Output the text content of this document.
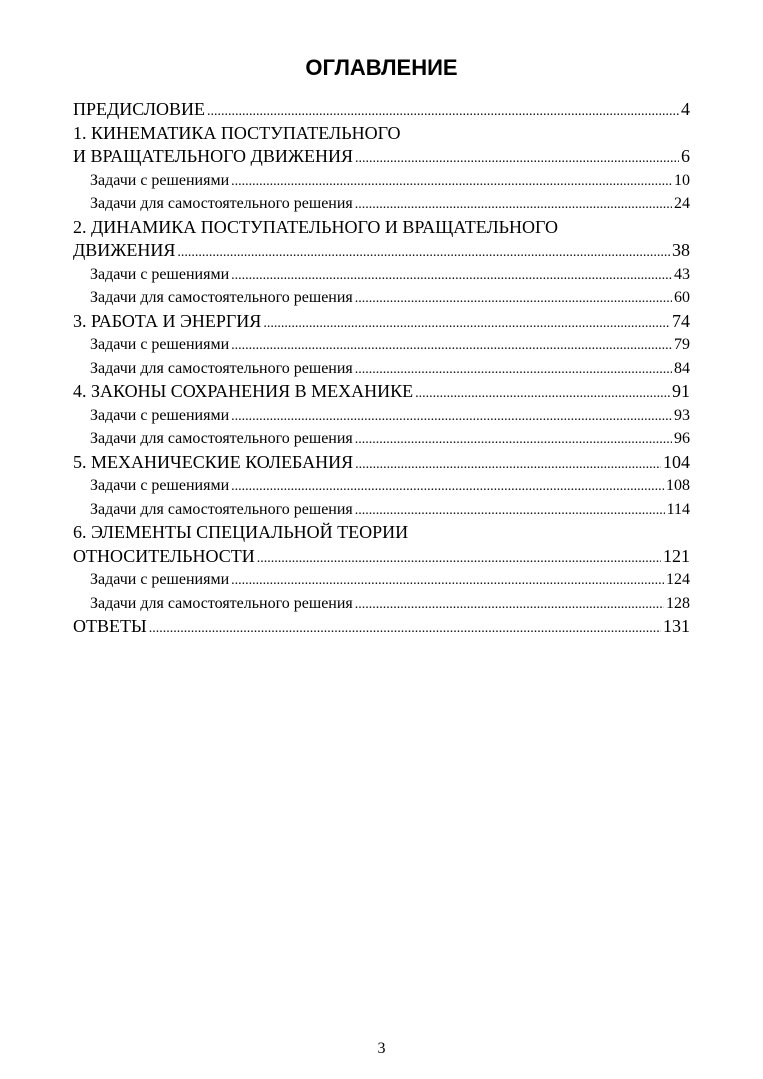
ОГЛАВЛЕНИЕ
ПРЕДИСЛОВИЕ .....	4
1. КИНЕМАТИКА ПОСТУПАТЕЛЬНОГО
И ВРАЩАТЕЛЬНОГО ДВИЖЕНИЯ .....	6
Задачи с решениями .....	10
Задачи для самостоятельного решения .....	24
2. ДИНАМИКА ПОСТУПАТЕЛЬНОГО И ВРАЩАТЕЛЬНОГО
ДВИЖЕНИЯ .....	38
Задачи с решениями .....	43
Задачи для самостоятельного решения .....	60
3. РАБОТА И ЭНЕРГИЯ .....	74
Задачи с решениями .....	79
Задачи для самостоятельного решения .....	84
4. ЗАКОНЫ СОХРАНЕНИЯ В МЕХАНИКЕ .....	91
Задачи с решениями .....	93
Задачи для самостоятельного решения .....	96
5. МЕХАНИЧЕСКИЕ КОЛЕБАНИЯ .....	104
Задачи с решениями .....	108
Задачи для самостоятельного решения .....	114
6. ЭЛЕМЕНТЫ СПЕЦИАЛЬНОЙ ТЕОРИИ
ОТНОСИТЕЛЬНОСТИ .....	121
Задачи с решениями .....	124
Задачи для самостоятельного решения .....	128
ОТВЕТЫ .....	131
3
